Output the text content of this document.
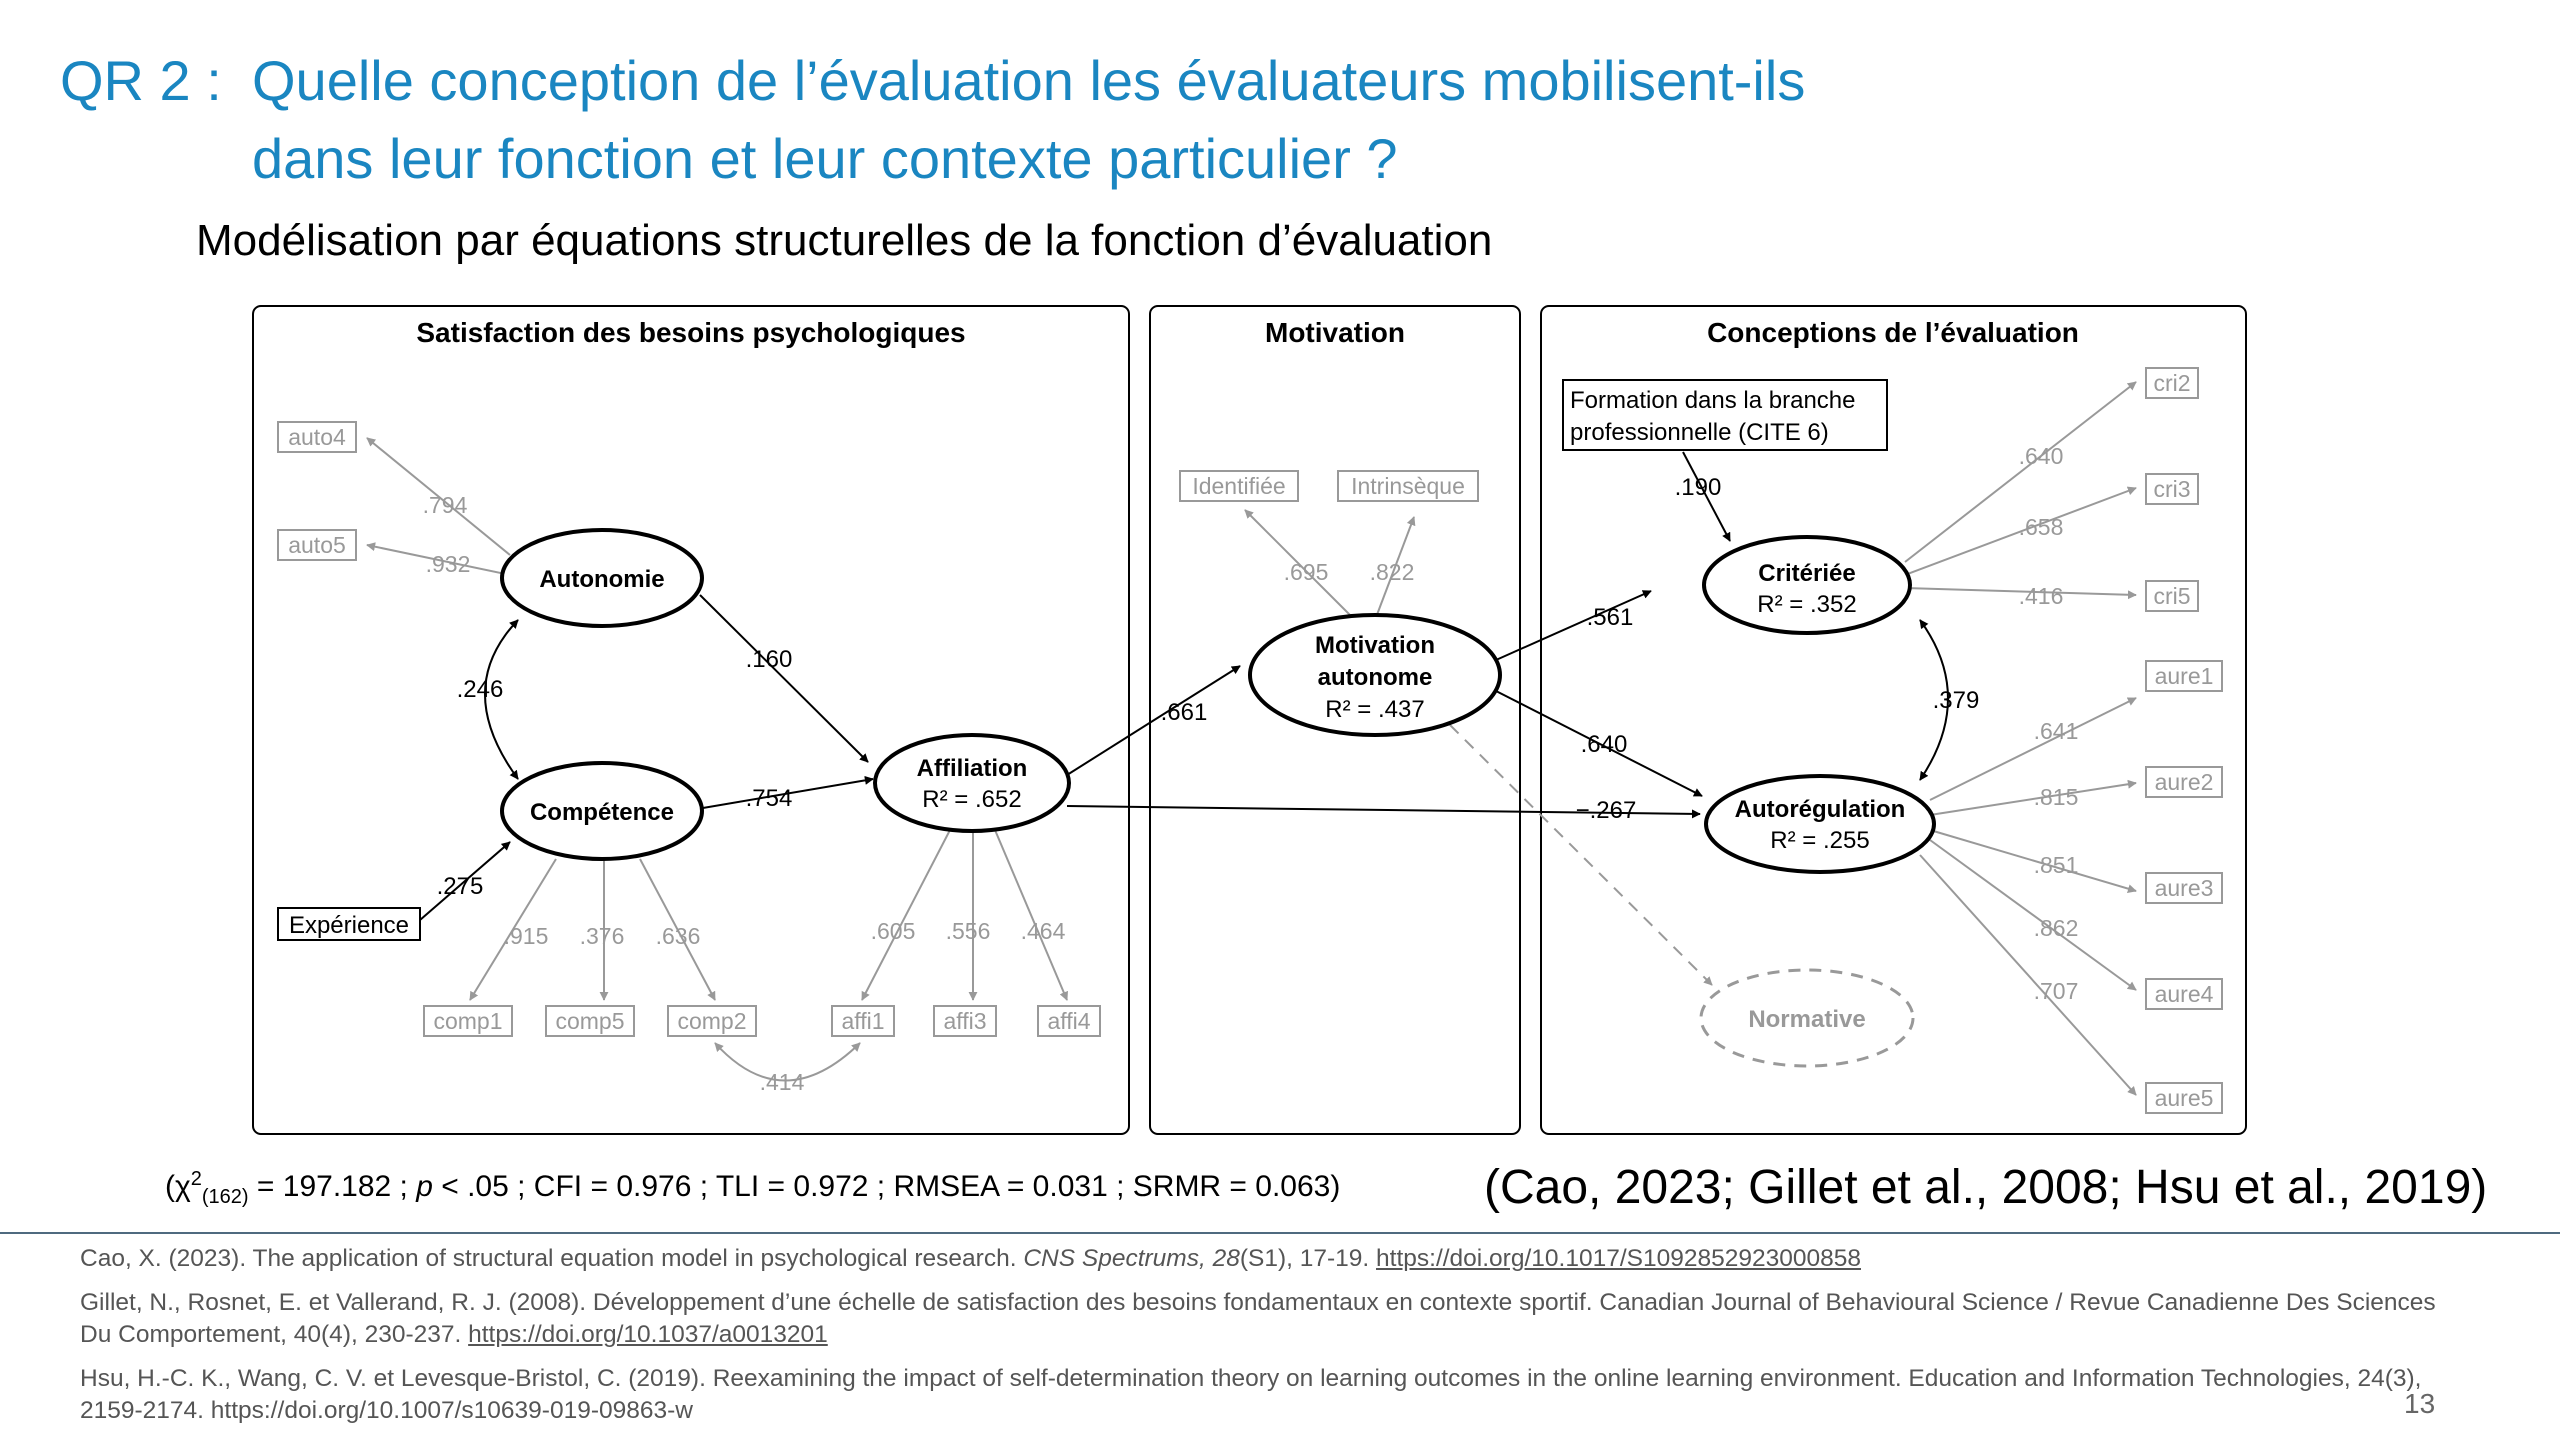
QR 2 : Quelle conception de l’évaluation les évaluateurs mobilisent-ils
dans leur fonction et leur contexte particulier ?
Modélisation par équations structurelles de la fonction d’évaluation
Satisfaction des besoins psychologiques	Motivation	Conceptions de l’évaluation
Autonomie
Compétence
Affiliation
R² = .652
Motivation
autonome
R² = .437
Critériée
R² = .352
Autorégulation
R² = .255
Normative
Expérience
Formation dans la branche
professionnelle (CITE 6)
auto4
auto5
comp1 comp5 comp2	affi1	affi3	affi4
Identifiée	Intrinsèque
cri2
cri3
cri5
aure1
aure2
aure3
aure4
aure5
.794
.932
.915 .376 .636	.605 .556 .464
.695 .822
.640
.658
.416
.641
.815
.851
.862
.707
.414
.160
.246
.754
.275
.661
.561
.640
−.267
.190
.379
($\chi^2_{(162)} = 197.182$ ; p < .05 ; CFI = 0.976 ; TLI = 0.972 ; RMSEA = 0.031 ; SRMR = 0.063)	(Cao, 2023; Gillet et al., 2008; Hsu et al., 2019)

Cao, X. (2023). The application of structural equation model in psychological research. CNS Spectrums, 28(S1), 17-19. https://doi.org/10.1017/S1092852923000858

Gillet, N., Rosnet, E. et Vallerand, R. J. (2008). Développement d’une échelle de satisfaction des besoins fondamentaux en contexte sportif. Canadian Journal of Behavioural Science / Revue Canadienne Des Sciences Du Comportement, 40(4), 230-237. https://doi.org/10.1037/a0013201

Hsu, H.-C. K., Wang, C. V. et Levesque-Bristol, C. (2019). Reexamining the impact of self-determination theory on learning outcomes in the online learning environment. Education and Information Technologies, 24(3), 2159-2174. https://doi.org/10.1007/s10639-019-09863-w	13
